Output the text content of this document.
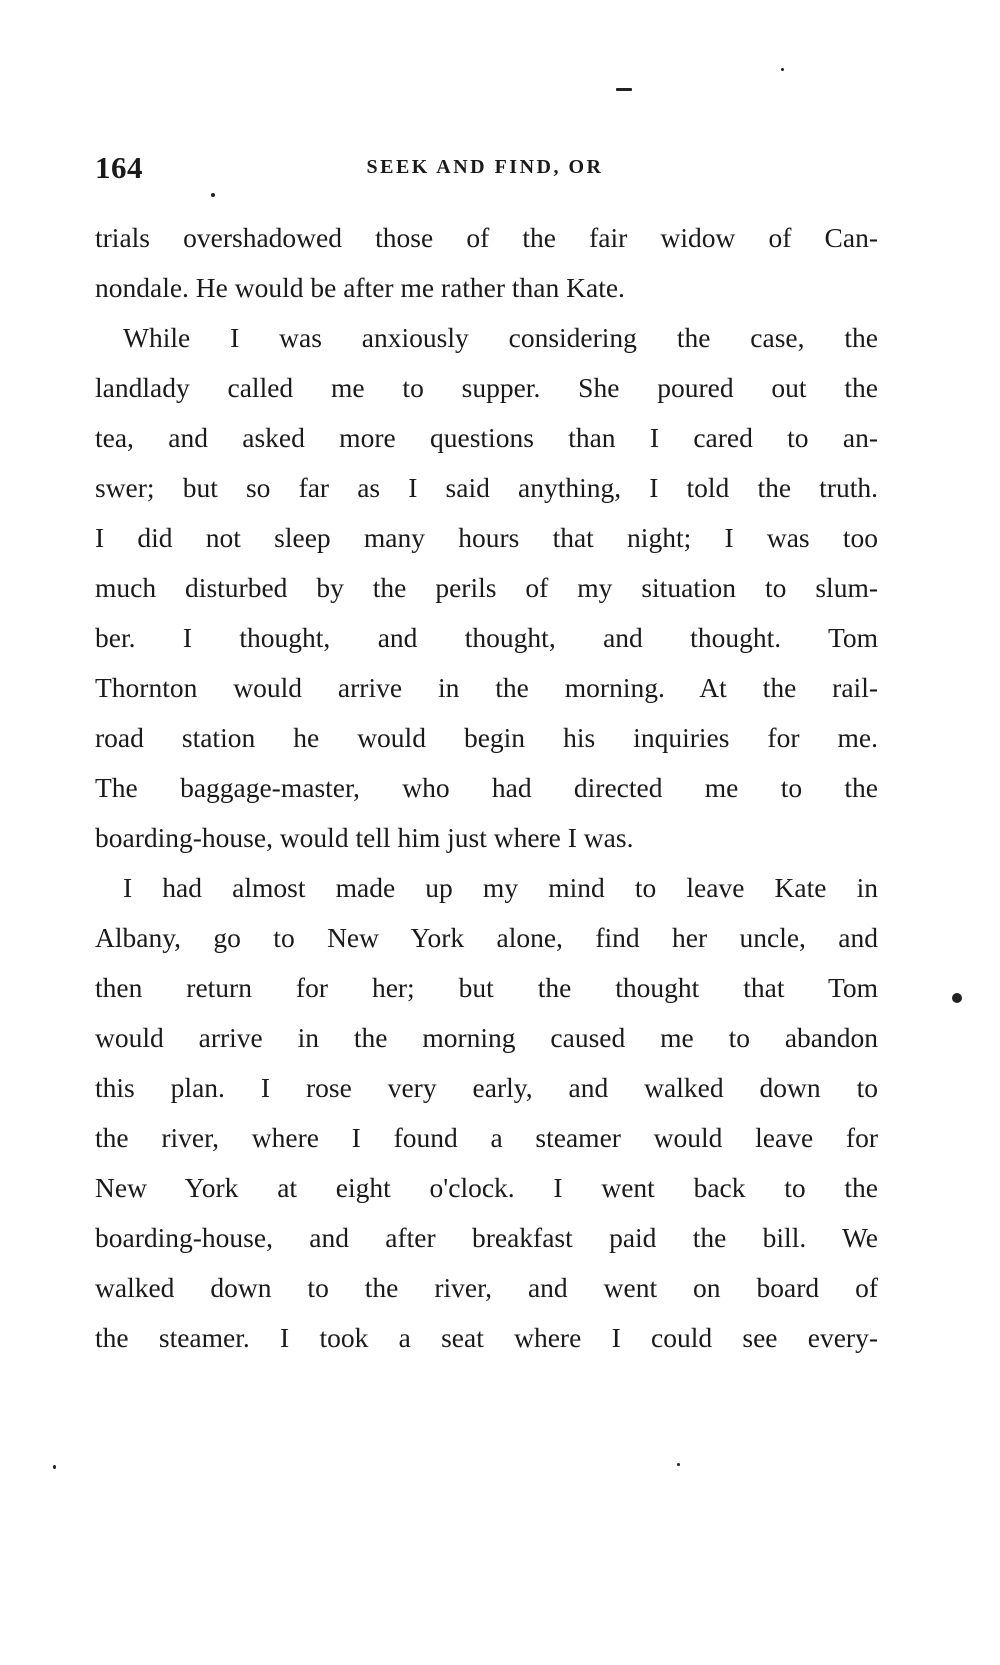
164	SEEK AND FIND, OR
trials overshadowed those of the fair widow of Can-
nondale. He would be after me rather than Kate.
While I was anxiously considering the case, the
landlady called me to supper. She poured out the
tea, and asked more questions than I cared to an-
swer; but so far as I said anything, I told the truth.
I did not sleep many hours that night; I was too
much disturbed by the perils of my situation to slum-
ber. I thought, and thought, and thought. Tom
Thornton would arrive in the morning. At the rail-
road station he would begin his inquiries for me.
The baggage-master, who had directed me to the
boarding-house, would tell him just where I was.
I had almost made up my mind to leave Kate in
Albany, go to New York alone, find her uncle, and
then return for her; but the thought that Tom
would arrive in the morning caused me to abandon
this plan. I rose very early, and walked down to
the river, where I found a steamer would leave for
New York at eight o'clock. I went back to the
boarding-house, and after breakfast paid the bill. We
walked down to the river, and went on board of
the steamer. I took a seat where I could see every-
